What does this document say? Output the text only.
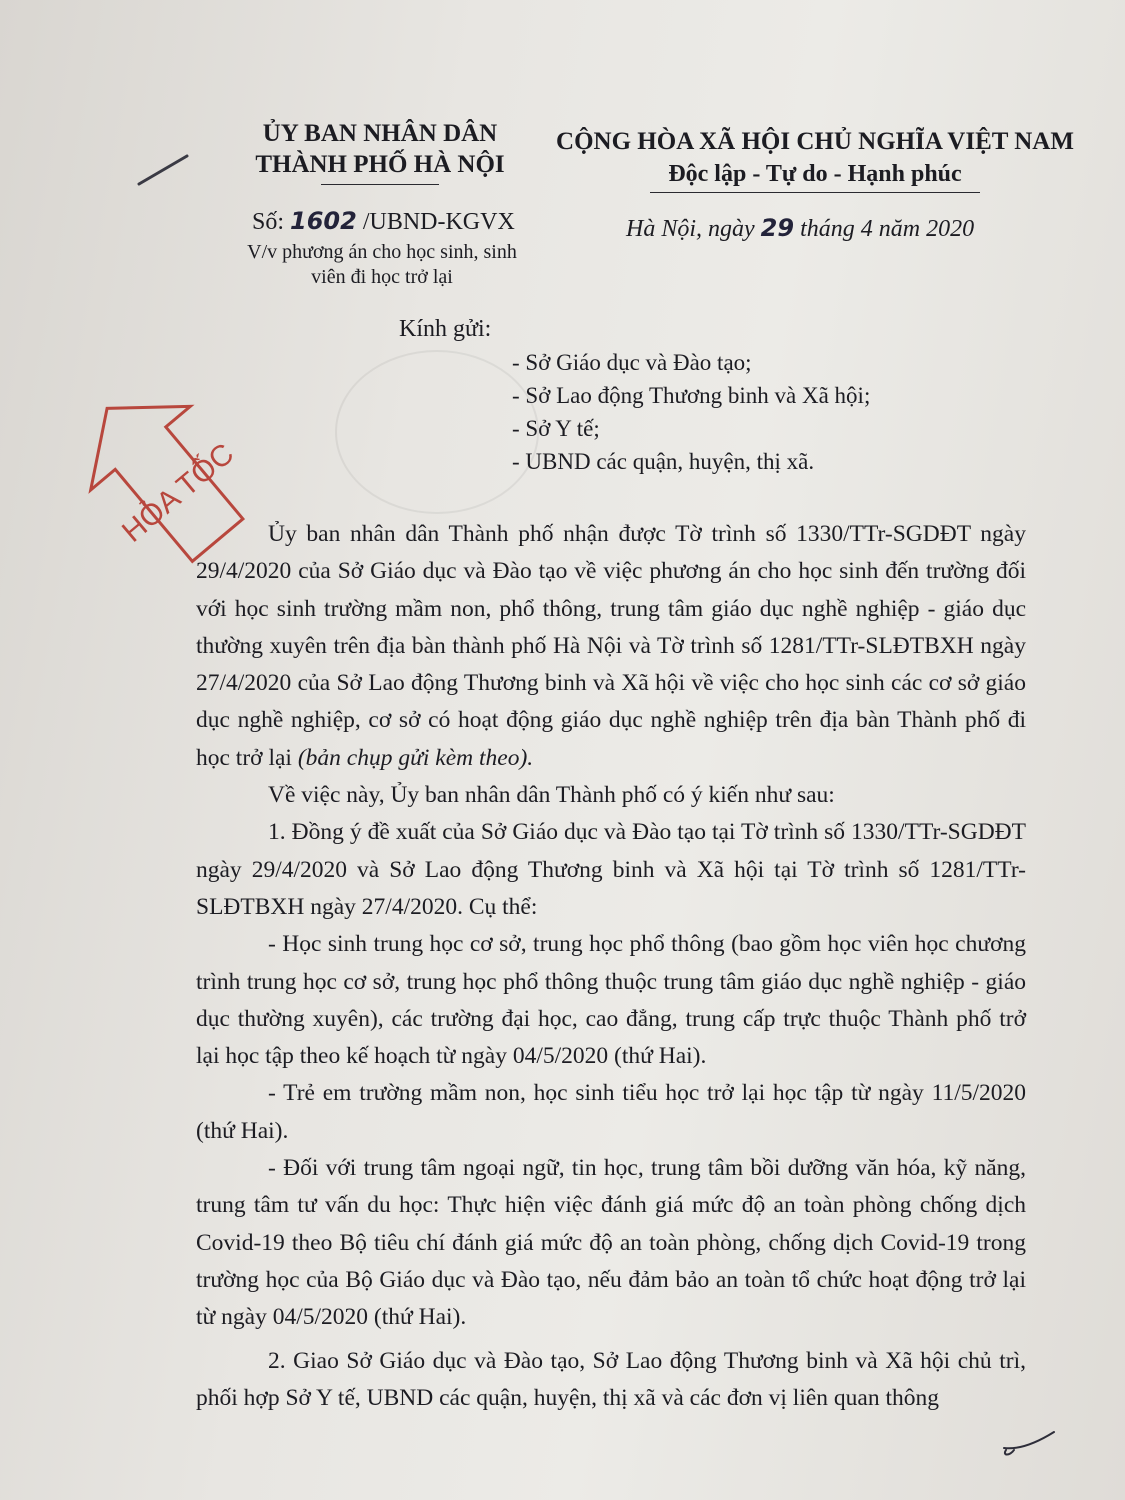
ỦY BAN NHÂN DÂN
THÀNH PHỐ HÀ NỘI
CỘNG HÒA XÃ HỘI CHỦ NGHĨA VIỆT NAM
Độc lập - Tự do - Hạnh phúc
Số: 1602 /UBND-KGVX
V/v phương án cho học sinh, sinh viên đi học trở lại
Hà Nội, ngày 29 tháng 4 năm 2020
Kính gửi:
- Sở Giáo dục và Đào tạo;
- Sở Lao động Thương binh và Xã hội;
- Sở Y tế;
- UBND các quận, huyện, thị xã.
HỎA TỐC	Ủy ban nhân dân Thành phố nhận được Tờ trình số 1330/TTr-SGDĐT ngày 29/4/2020 của Sở Giáo dục và Đào tạo về việc phương án cho học sinh đến trường đối với học sinh trường mầm non, phổ thông, trung tâm giáo dục nghề nghiệp - giáo dục thường xuyên trên địa bàn thành phố Hà Nội và Tờ trình số 1281/TTr-SLĐTBXH ngày 27/4/2020 của Sở Lao động Thương binh và Xã hội về việc cho học sinh các cơ sở giáo dục nghề nghiệp, cơ sở có hoạt động giáo dục nghề nghiệp trên địa bàn Thành phố đi học trở lại (bản chụp gửi kèm theo).

Về việc này, Ủy ban nhân dân Thành phố có ý kiến như sau:

1. Đồng ý đề xuất của Sở Giáo dục và Đào tạo tại Tờ trình số 1330/TTr-SGDĐT ngày 29/4/2020 và Sở Lao động Thương binh và Xã hội tại Tờ trình số 1281/TTr-SLĐTBXH ngày 27/4/2020. Cụ thể:

- Học sinh trung học cơ sở, trung học phổ thông (bao gồm học viên học chương trình trung học cơ sở, trung học phổ thông thuộc trung tâm giáo dục nghề nghiệp - giáo dục thường xuyên), các trường đại học, cao đẳng, trung cấp trực thuộc Thành phố trở lại học tập theo kế hoạch từ ngày 04/5/2020 (thứ Hai).

- Trẻ em trường mầm non, học sinh tiểu học trở lại học tập từ ngày 11/5/2020 (thứ Hai).

- Đối với trung tâm ngoại ngữ, tin học, trung tâm bồi dưỡng văn hóa, kỹ năng, trung tâm tư vấn du học: Thực hiện việc đánh giá mức độ an toàn phòng chống dịch Covid-19 theo Bộ tiêu chí đánh giá mức độ an toàn phòng, chống dịch Covid-19 trong trường học của Bộ Giáo dục và Đào tạo, nếu đảm bảo an toàn tổ chức hoạt động trở lại từ ngày 04/5/2020 (thứ Hai).

2. Giao Sở Giáo dục và Đào tạo, Sở Lao động Thương binh và Xã hội chủ trì, phối hợp Sở Y tế, UBND các quận, huyện, thị xã và các đơn vị liên quan thông
